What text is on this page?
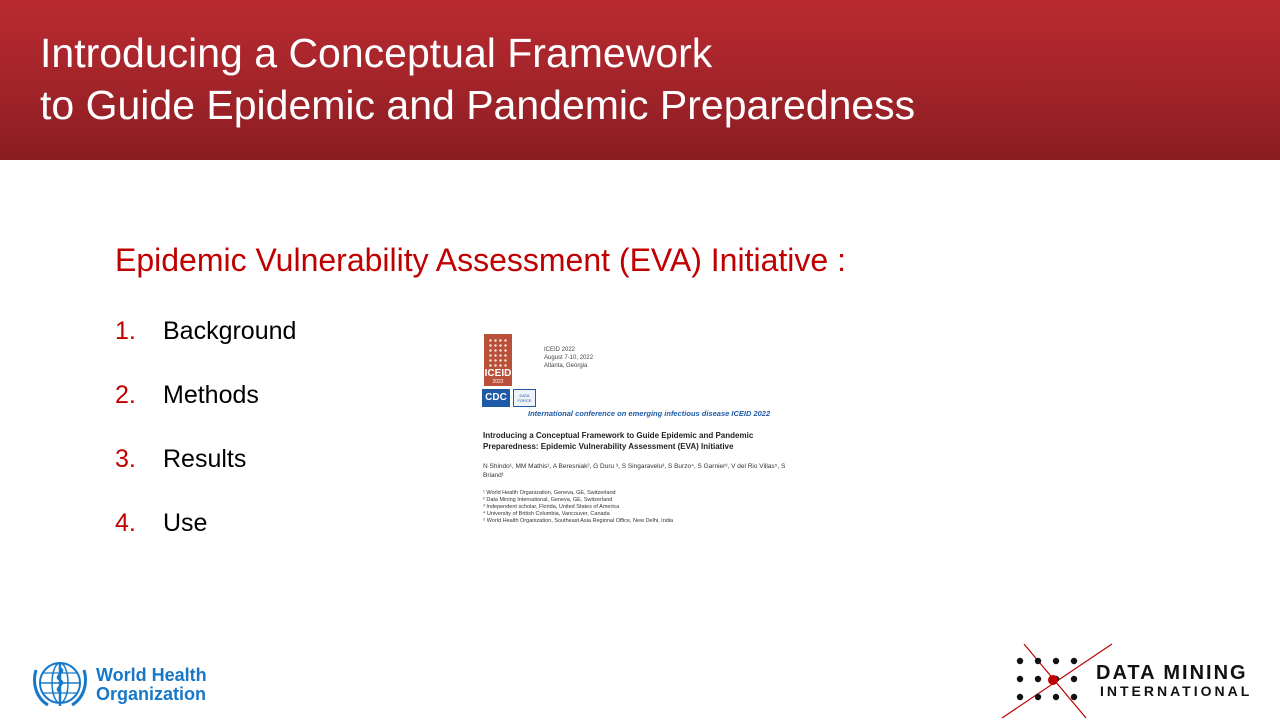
Introducing a Conceptual Framework
to Guide Epidemic and Pandemic Preparedness
Epidemic Vulnerability Assessment (EVA) Initiative :
1. Background
2. Methods
3. Results
4. Use
ICEID
2022
ICEID 2022
August 7-10, 2022
Atlanta, Georgia
CDC	DATA FORCE
International conference on emerging infectious disease ICEID 2022
Introducing a Conceptual Framework to Guide Epidemic and Pandemic Preparedness: Epidemic Vulnerability Assessment (EVA) Initiative
N Shindo¹, MM Mathis¹, A Beresniak², G Duru ³, S Singaravelu³, S Burzo⁴, S Garnier³, V del Rio Villas⁵, S Briand¹
¹ World Health Organization, Geneva, GE, Switzerland
² Data Mining International, Geneva, GE, Switzerland
³ Independent scholar, Florida, United States of America
⁴ University of British Columbia, Vancouver, Canada
⁵ World Health Organization, Southeast Asia Regional Office, New Delhi, India
World Health
Organization
DATA MINING
INTERNATIONAL
